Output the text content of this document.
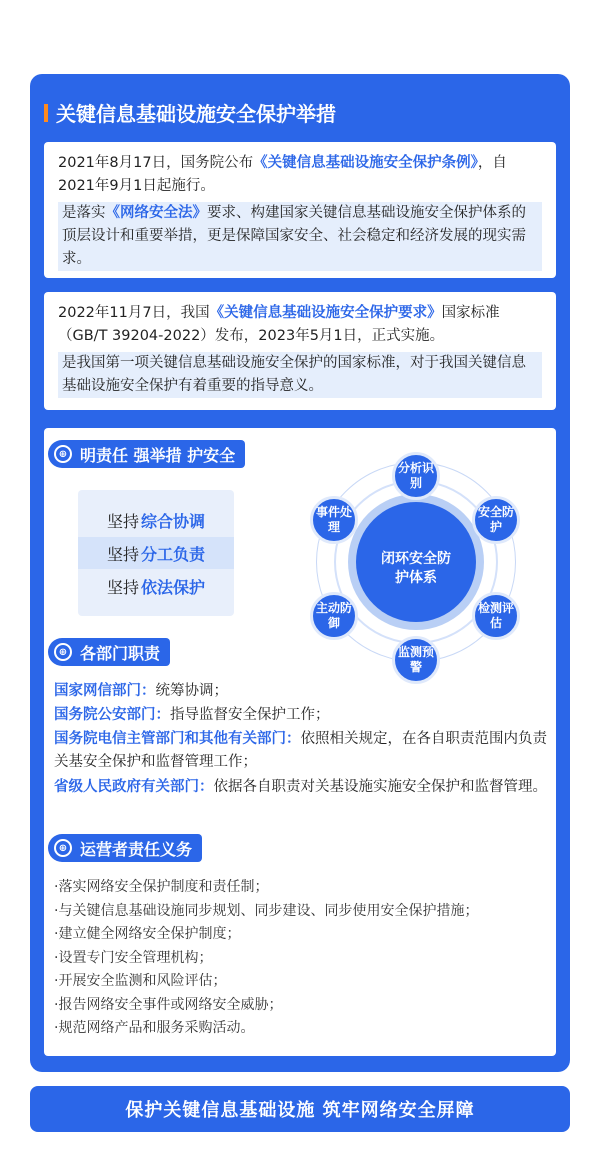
关键信息基础设施安全保护举措
2021年8月17日，国务院公布《关键信息基础设施安全保护条例》，自2021年9月1日起施行。
是落实《网络安全法》要求、构建国家关键信息基础设施安全保护体系的顶层设计和重要举措，更是保障国家安全、社会稳定和经济发展的现实需求。
2022年11月7日，我国《关键信息基础设施安全保护要求》国家标准（GB/T 39204-2022）发布，2023年5月1日，正式实施。
是我国第一项关键信息基础设施安全保护的国家标准，对于我国关键信息基础设施安全保护有着重要的指导意义。
⊕ 明责任 强举措 护安全
坚持 综合协调
坚持 分工负责
坚持 依法保护
闭环安全防护体系
分析识别
安全防护
检测评估
监测预警
主动防御
事件处理
⊕ 各部门职责
国家网信部门：统筹协调；
国务院公安部门：指导监督安全保护工作；
国务院电信主管部门和其他有关部门：依照相关规定，在各自职责范围内负责关基安全保护和监督管理工作；
省级人民政府有关部门：依据各自职责对关基设施实施安全保护和监督管理。
⊕ 运营者责任义务
·落实网络安全保护制度和责任制；
·与关键信息基础设施同步规划、同步建设、同步使用安全保护措施；
·建立健全网络安全保护制度；
·设置专门安全管理机构；
·开展安全监测和风险评估；
·报告网络安全事件或网络安全威胁；
·规范网络产品和服务采购活动。
保护关键信息基础设施 筑牢网络安全屏障
